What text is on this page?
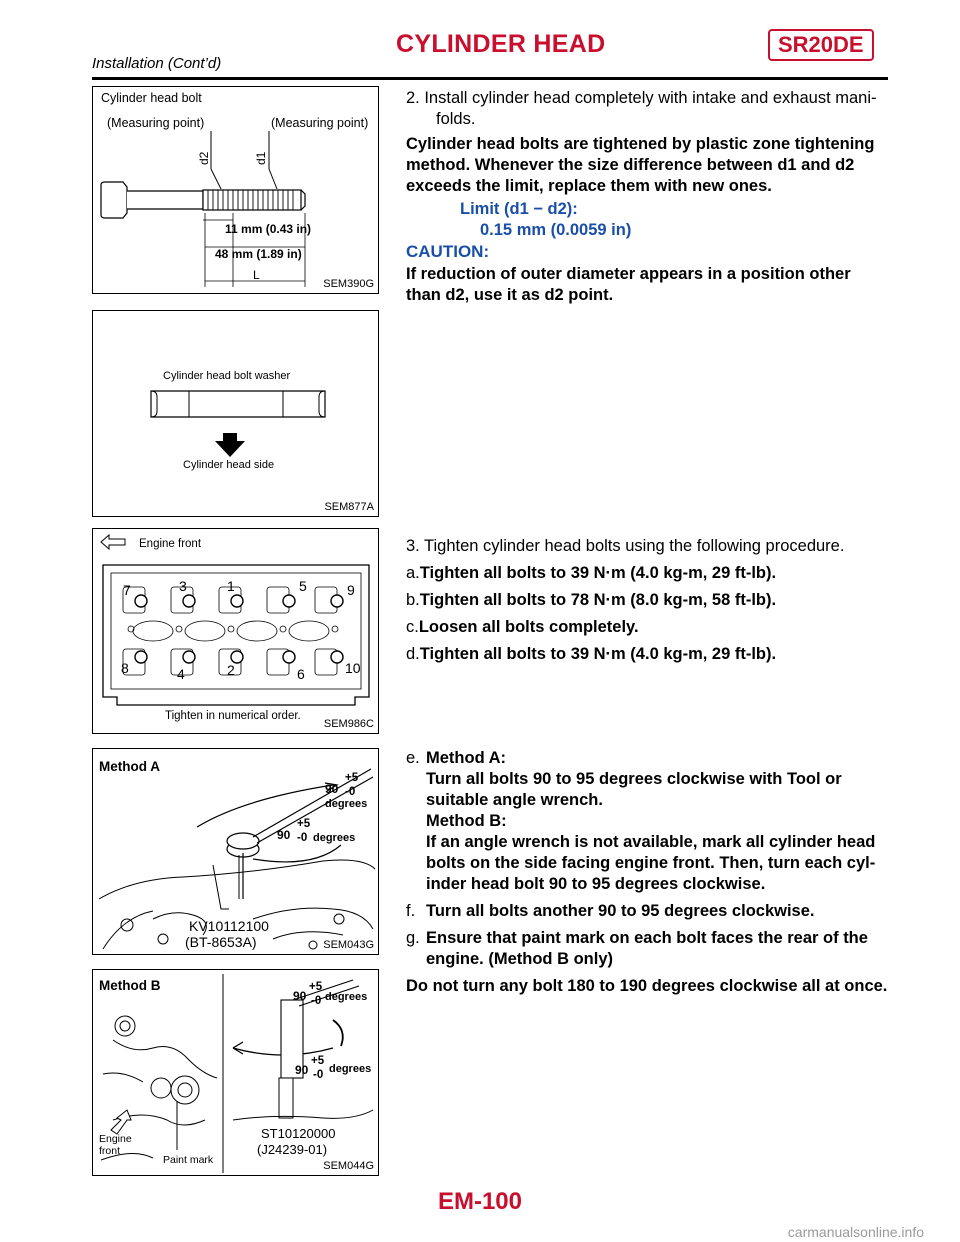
CYLINDER HEAD	SR20DE
Installation (Cont’d)
Cylinder head bolt
(Measuring point)	(Measuring point)
d2	d1
11 mm (0.43 in)
48 mm (1.89 in)
L
SEM390G
Cylinder head bolt washer
Cylinder head side
SEM877A
Engine front
7	3	1	5	9
8	4	2	6	10
Tighten in numerical order.
SEM986C
Method A
90
+5
-0
degrees
90
+5
-0 degrees
KV10112100
(BT-8653A)	SEM043G
Method B
Engine
front
Paint mark
90
+5
-0 degrees
90
+5
-0 degrees
ST10120000
(J24239-01)
SEM044G
2. Install cylinder head completely with intake and exhaust mani-
folds.
Cylinder head bolts are tightened by plastic zone tightening method. Whenever the size difference between d1 and d2 exceeds the limit, replace them with new ones.
Limit (d1 − d2):
0.15 mm (0.0059 in)
CAUTION:
If reduction of outer diameter appears in a position other than d2, use it as d2 point.
3. Tighten cylinder head bolts using the following procedure.
a.Tighten all bolts to 39 N·m (4.0 kg-m, 29 ft-lb).
b.Tighten all bolts to 78 N·m (8.0 kg-m, 58 ft-lb).
c.Loosen all bolts completely.
d.Tighten all bolts to 39 N·m (4.0 kg-m, 29 ft-lb).
e. Method A:
Turn all bolts 90 to 95 degrees clockwise with Tool or suitable angle wrench.
Method B:
If an angle wrench is not available, mark all cylinder head bolts on the side facing engine front. Then, turn each cyl-inder head bolt 90 to 95 degrees clockwise.
f. Turn all bolts another 90 to 95 degrees clockwise.
g. Ensure that paint mark on each bolt faces the rear of the engine. (Method B only)
Do not turn any bolt 180 to 190 degrees clockwise all at once.
EM-100
carmanualsonline.info
